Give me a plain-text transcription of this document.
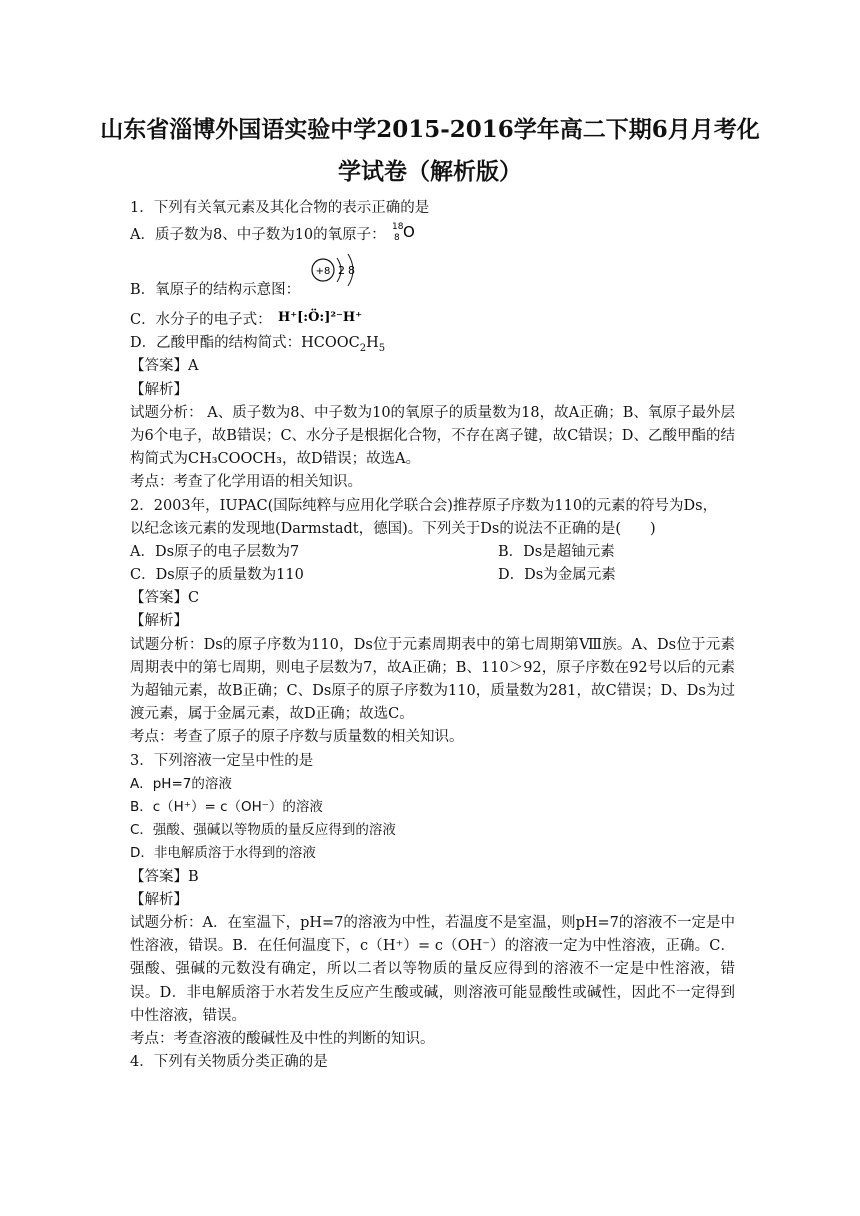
山东省淄博外国语实验中学2015-2016学年高二下期6月月考化
学试卷（解析版）
1．下列有关氧元素及其化合物的表示正确的是
A．质子数为8、中子数为10的氧原子： 18
8 O
B．氧原子的结构示意图：
+8 2 8
C．水分子的电子式： H⁺[:Ö:]²⁻H⁺
D．乙酸甲酯的结构简式：$HCOOC_2H_5$
【答案】A
【解析】
试题分析： A、质子数为8、中子数为10的氧原子的质量数为18，故A正确；B、氧原子最外层为6个电子，故B错误；C、水分子是根据化合物，不存在离子键，故C错误；D、乙酸甲酯的结构简式为CH₃COOCH₃，故D错误；故选A。
考点：考查了化学用语的相关知识。
2．2003年，IUPAC(国际纯粹与应用化学联合会)推荐原子序数为110的元素的符号为Ds，
以纪念该元素的发现地(Darmstadt，德国)。下列关于Ds的说法不正确的是(　　)
A．Ds原子的电子层数为7	B．Ds是超铀元素
C．Ds原子的质量数为110	D．Ds为金属元素
【答案】C
【解析】
试题分析：Ds的原子序数为110，Ds位于元素周期表中的第七周期第Ⅷ族。A、Ds位于元素周期表中的第七周期，则电子层数为7，故A正确；B、110＞92，原子序数在92号以后的元素为超铀元素，故B正确；C、Ds原子的原子序数为110，质量数为281，故C错误；D、Ds为过渡元素，属于金属元素，故D正确；故选C。
考点：考查了原子的原子序数与质量数的相关知识。
3．下列溶液一定呈中性的是
A．pH=7的溶液
B．c（H⁺）= c（OH⁻）的溶液
C．强酸、强碱以等物质的量反应得到的溶液
D．非电解质溶于水得到的溶液
【答案】B
【解析】
试题分析：A．在室温下，pH=7的溶液为中性，若温度不是室温，则pH=7的溶液不一定是中性溶液，错误。B．在任何温度下，c（H⁺）= c（OH⁻）的溶液一定为中性溶液，正确。C．强酸、强碱的元数没有确定，所以二者以等物质的量反应得到的溶液不一定是中性溶液，错误。D．非电解质溶于水若发生反应产生酸或碱，则溶液可能显酸性或碱性，因此不一定得到中性溶液，错误。
考点：考查溶液的酸碱性及中性的判断的知识。
4．下列有关物质分类正确的是
